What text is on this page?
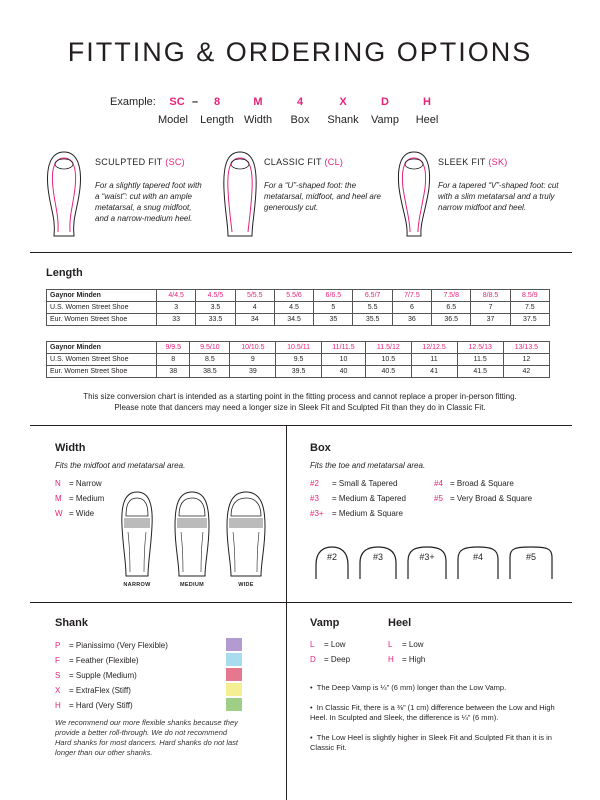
FITTING & ORDERING OPTIONS
Example:	SC –	8	M	4	X	D	H
Model	Length Width	Box	Shank	Vamp	Heel
SCULPTED FIT (SC)
For a slightly tapered foot with a “waist”: cut with an ample metatarsal, a snug midfoot, and a narrow-medium heel.
CLASSIC FIT (CL)
For a “U”-shaped foot: the metatarsal, midfoot, and heel are generously cut.
SLEEK FIT (SK)
For a tapered “V”-shaped foot: cut with a slim metatarsal and a truly narrow midfoot and heel.
Length
Gaynor Minden	4/4.5	4.5/5	5/5.5	5.5/6	6/6.5	6.5/7	7/7.5	7.5/8	8/8.5	8.5/9
U.S. Women Street Shoe	3	3.5	4	4.5	5	5.5	6	6.5	7	7.5
Eur. Women Street Shoe	33	33.5	34	34.5	35	35.5	36	36.5	37	37.5
Gaynor Minden	9/9.5	9.5/10	10/10.5	10.5/11	11/11.5	11.5/12	12/12.5	12.5/13	13/13.5
U.S. Women Street Shoe	8	8.5	9	9.5	10	10.5	11	11.5	12
Eur. Women Street Shoe	38	38.5	39	39.5	40	40.5	41	41.5	42
This size conversion chart is intended as a starting point in the fitting process and cannot replace a proper in-person fitting.
Please note that dancers may need a longer size in Sleek Fit and Sculpted Fit than they do in Classic Fit.
Width
Fits the midfoot and metatarsal area.
N = Narrow
M = Medium
W = Wide
NARROW	MEDIUM	WIDE
Box
Fits the toe and metatarsal area.
#2 = Small & Tapered
#3 = Medium & Tapered
#3+ = Medium & Square
#4 = Broad & Square
#5 = Very Broad & Square
#2	#3	#3+	#4	#5
Shank
P = Pianissimo (Very Flexible)
F = Feather (Flexible)
S = Supple (Medium)
X = ExtraFlex (Stiff)
H = Hard (Very Stiff)
We recommend our more flexible shanks because they provide a better roll-through. We do not recommend Hard shanks for most dancers. Hard shanks do not last longer than our other shanks.
Vamp
L = Low
D = Deep
Heel
L = Low
H = High
•  The Deep Vamp is ¼” (6 mm) longer than the Low Vamp.
•  In Classic Fit, there is a ⅜” (1 cm) difference between the Low and High Heel. In Sculpted and Sleek, the difference is ¼” (6 mm).
•  The Low Heel is slightly higher in Sleek Fit and Sculpted Fit than it is in Classic Fit.
